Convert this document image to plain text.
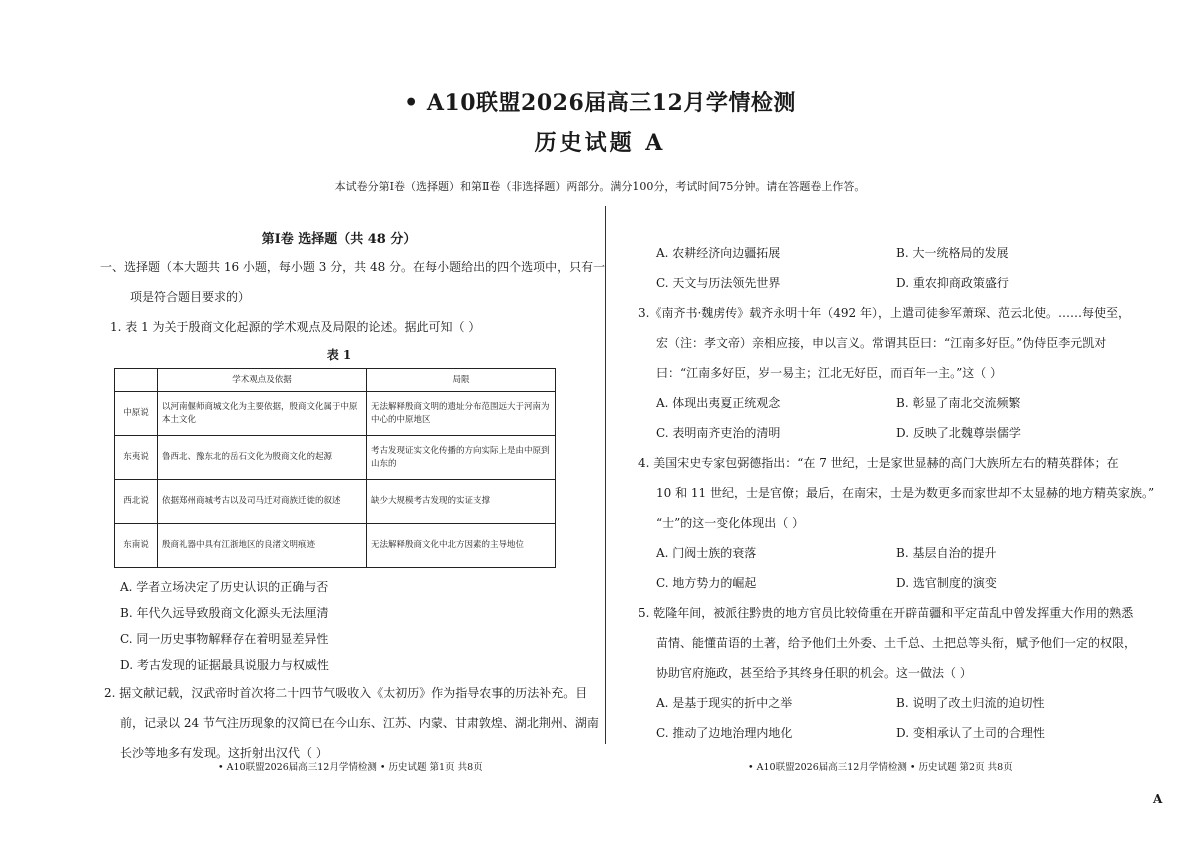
• A10联盟2026届高三12月学情检测
历史试题 A
本试卷分第Ⅰ卷（选择题）和第Ⅱ卷（非选择题）两部分。满分100分，考试时间75分钟。请在答题卷上作答。
第Ⅰ卷 选择题（共 48 分）

一、选择题（本大题共 16 小题，每小题 3 分，共 48 分。在每小题给出的四个选项中，只有一

项是符合题目要求的）

1. 表 1 为关于殷商文化起源的学术观点及局限的论述。据此可知（ ）

表 1
	学术观点及依据	局限
中原说	以河南偃师商城文化为主要依据，殷商文化属于中原本土文化	无法解释殷商文明的遗址分布范围远大于河南为中心的中原地区
东夷说	鲁西北、豫东北的岳石文化为殷商文化的起源	考古发现证实文化传播的方向实际上是由中原到山东的
西北说	依据郑州商城考古以及司马迁对商族迁徙的叙述	缺少大规模考古发现的实证支撑
东南说	殷商礼器中具有江浙地区的良渚文明痕迹	无法解释殷商文化中北方因素的主导地位

A. 学者立场决定了历史认识的正确与否

B. 年代久远导致殷商文化源头无法厘清

C. 同一历史事物解释存在着明显差异性

D. 考古发现的证据最具说服力与权威性

2. 据文献记载，汉武帝时首次将二十四节气吸收入《太初历》作为指导农事的历法补充。目

前，记录以 24 节气注历现象的汉简已在今山东、江苏、内蒙、甘肃敦煌、湖北荆州、湖南

长沙等地多有发现。这折射出汉代（ ）

A. 农耕经济向边疆拓展	B. 大一统格局的发展
C. 天文与历法领先世界	D. 重农抑商政策盛行

3.《南齐书·魏虏传》载齐永明十年（492 年），上遣司徒参军萧琛、范云北使。……每使至，

宏（注：孝文帝）亲相应接，申以言义。常谓其臣曰：“江南多好臣。”伪侍臣李元凯对

曰：“江南多好臣，岁一易主；江北无好臣，而百年一主。”这（ ）

A. 体现出夷夏正统观念	B. 彰显了南北交流频繁
C. 表明南齐吏治的清明	D. 反映了北魏尊崇儒学

4. 美国宋史专家包弼德指出：“在 7 世纪，士是家世显赫的高门大族所左右的精英群体；在

10 和 11 世纪，士是官僚；最后，在南宋，士是为数更多而家世却不太显赫的地方精英家族。”

“士”的这一变化体现出（ ）

A. 门阀士族的衰落	B. 基层自治的提升
C. 地方势力的崛起	D. 选官制度的演变

5. 乾隆年间，被派往黔贵的地方官员比较倚重在开辟苗疆和平定苗乱中曾发挥重大作用的熟悉

苗情、能懂苗语的土著，给予他们土外委、土千总、土把总等头衔，赋予他们一定的权限，

协助官府施政，甚至给予其终身任职的机会。这一做法（ ）

A. 是基于现实的折中之举	B. 说明了改土归流的迫切性
C. 推动了边地治理内地化	D. 变相承认了土司的合理性
• A10联盟2026届高三12月学情检测 • 历史试题 第1页 共8页	• A10联盟2026届高三12月学情检测 • 历史试题 第2页 共8页
A
